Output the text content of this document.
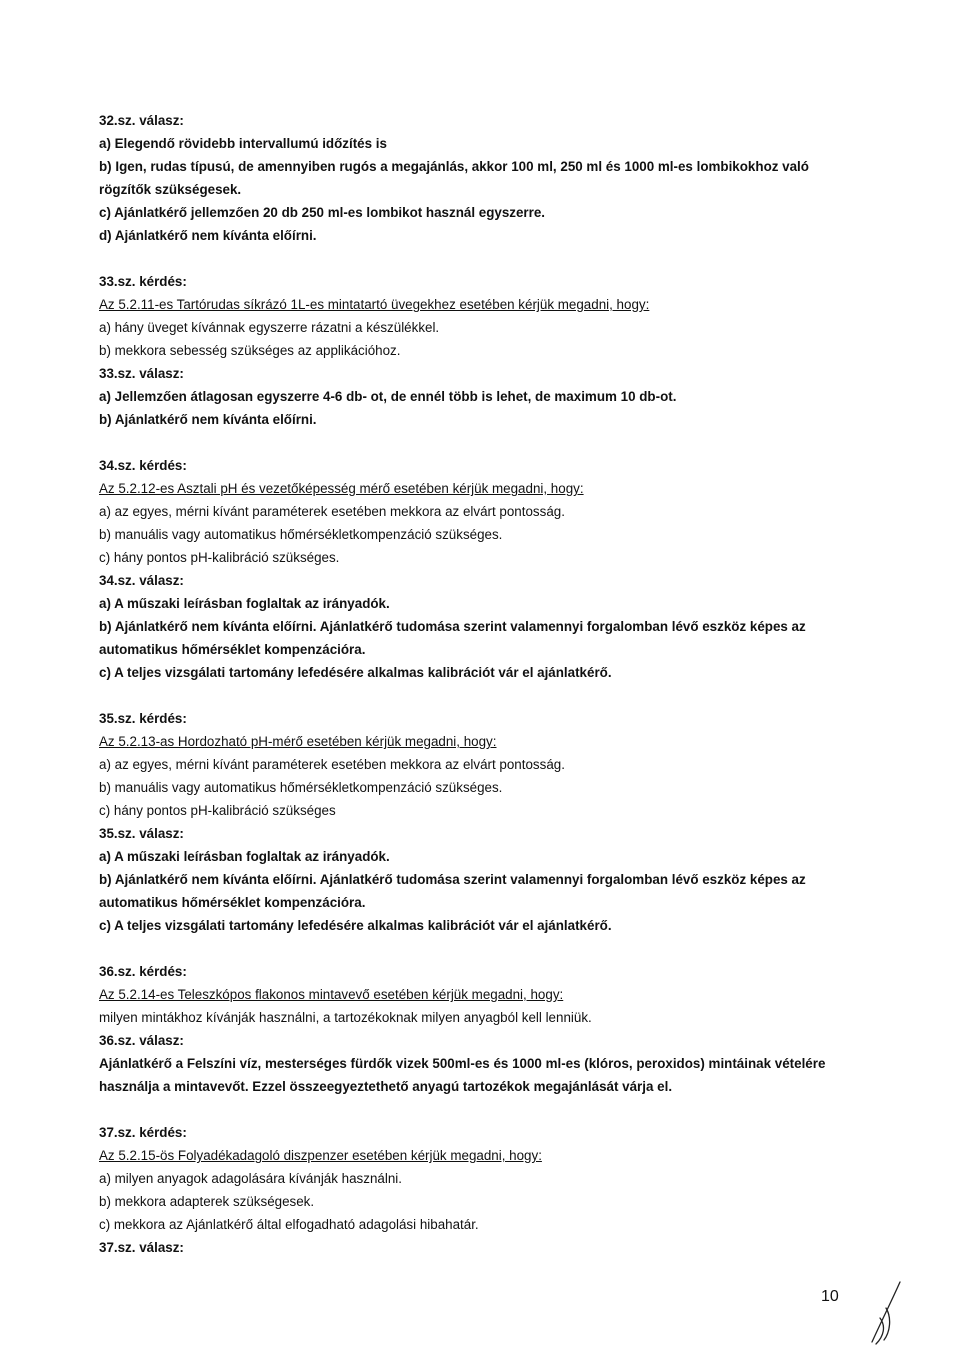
32.sz. válasz:
a) Elegendő rövidebb intervallumú időzítés is
b) Igen, rudas típusú, de amennyiben rugós a megajánlás, akkor 100 ml, 250 ml és 1000 ml-es lombikokhoz való rögzítők szükségesek.
c) Ajánlatkérő jellemzően 20 db 250 ml-es lombikot használ egyszerre.
d) Ajánlatkérő nem kívánta előírni.
33.sz. kérdés:
Az 5.2.11-es Tartórudas síkrázó 1L-es mintatartó üvegekhez esetében kérjük megadni, hogy:
a) hány üveget kívánnak egyszerre rázatni a készülékkel.
b) mekkora sebesség szükséges az applikációhoz.
33.sz. válasz:
a) Jellemzően átlagosan egyszerre 4-6 db- ot, de ennél több is lehet, de maximum 10 db-ot.
b) Ajánlatkérő nem kívánta előírni.
34.sz. kérdés:
Az 5.2.12-es Asztali pH és vezetőképesség mérő esetében kérjük megadni, hogy:
a) az egyes, mérni kívánt paraméterek esetében mekkora az elvárt pontosság.
b) manuális vagy automatikus hőmérsékletkompenzáció szükséges.
c) hány pontos pH-kalibráció szükséges.
34.sz. válasz:
a) A műszaki leírásban foglaltak az irányadók.
b) Ajánlatkérő nem kívánta előírni. Ajánlatkérő tudomása szerint valamennyi forgalomban lévő eszköz képes az automatikus hőmérséklet kompenzációra.
c) A teljes vizsgálati tartomány lefedésére alkalmas kalibrációt vár el ajánlatkérő.
35.sz. kérdés:
Az 5.2.13-as Hordozható pH-mérő esetében kérjük megadni, hogy:
a) az egyes, mérni kívánt paraméterek esetében mekkora az elvárt pontosság.
b) manuális vagy automatikus hőmérsékletkompenzáció szükséges.
c) hány pontos pH-kalibráció szükséges
35.sz. válasz:
a) A műszaki leírásban foglaltak az irányadók.
b) Ajánlatkérő nem kívánta előírni. Ajánlatkérő tudomása szerint valamennyi forgalomban lévő eszköz képes az automatikus hőmérséklet kompenzációra.
c) A teljes vizsgálati tartomány lefedésére alkalmas kalibrációt vár el ajánlatkérő.
36.sz. kérdés:
Az 5.2.14-es Teleszkópos flakonos mintavevő esetében kérjük megadni, hogy:
milyen mintákhoz kívánják használni, a tartozékoknak milyen anyagból kell lenniük.
36.sz. válasz:
Ajánlatkérő a Felszíni víz, mesterséges fürdők vizek 500ml-es és 1000 ml-es (klóros, peroxidos) mintáinak vételére használja a mintavevőt. Ezzel összeegyeztethető anyagú tartozékok megajánlását várja el.
37.sz. kérdés:
Az 5.2.15-ös Folyadékadagoló diszpenzer esetében kérjük megadni, hogy:
a) milyen anyagok adagolására kívánják használni.
b) mekkora adapterek szükségesek.
c) mekkora az Ajánlatkérő által elfogadható adagolási hibahatár.
37.sz. válasz:
10
